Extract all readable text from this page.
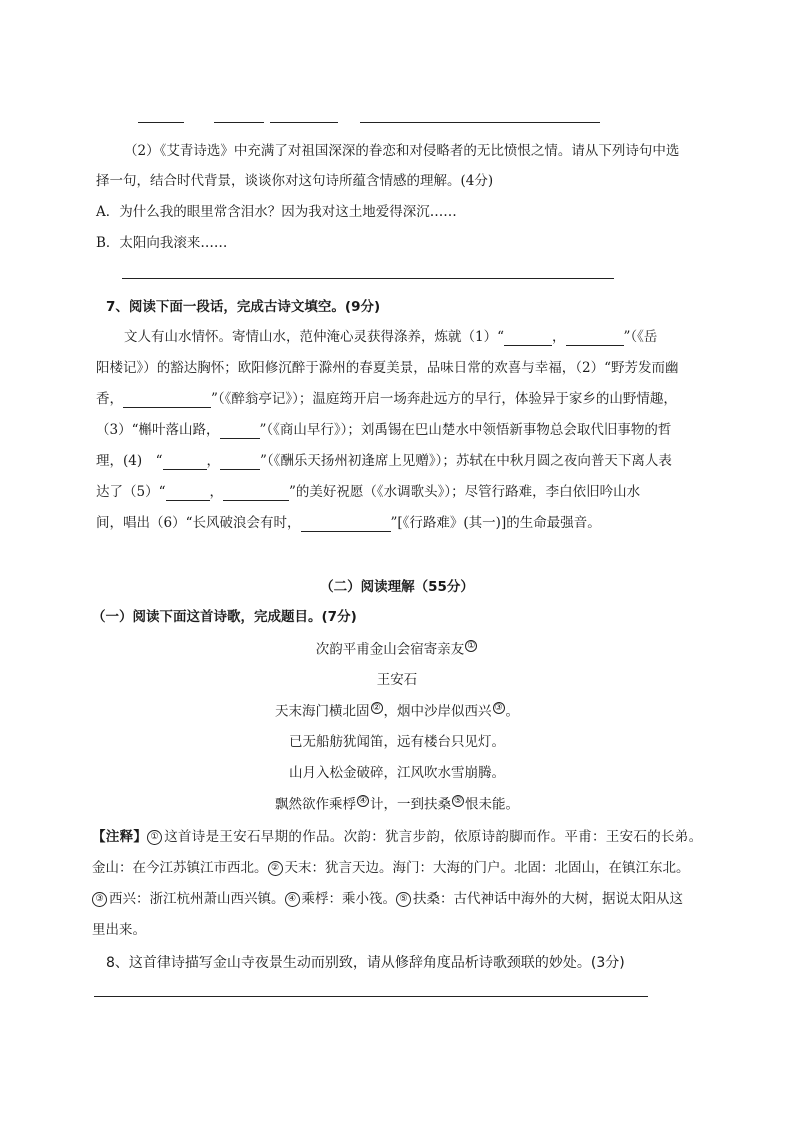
（2）《艾青诗选》中充满了对祖国深深的眷恋和对侵略者的无比愤恨之情。请从下列诗句中选
择一句，结合时代背景，谈谈你对这句诗所蕴含情感的理解。(4分)
A．为什么我的眼里常含泪水？因为我对这土地爱得深沉……
B．太阳向我滚来……
7、阅读下面一段话，完成古诗文填空。(9分)
文人有山水情怀。寄情山水，范仲淹心灵获得涤养，炼就（1）“	，	”（《岳
阳楼记》）的豁达胸怀；欧阳修沉醉于滁州的春夏美景，品味日常的欢喜与幸福，（2）“野芳发而幽
香，	”（《醉翁亭记》）；温庭筠开启一场奔赴远方的早行，体验异于家乡的山野情趣，
（3）“槲叶落山路，	”（《商山早行》）；刘禹锡在巴山楚水中领悟新事物总会取代旧事物的哲
理，(4)　“	，	”（《酬乐天扬州初逢席上见赠》）；苏轼在中秋月圆之夜向普天下离人表
达了（5）“	，	”的美好祝愿（《水调歌头》）；尽管行路难，李白依旧吟山水
间，唱出（6）“长风破浪会有时，	”[《行路难》(其一)]的生命最强音。
（二）阅读理解（55分）
（一）阅读下面这首诗歌，完成题目。(7分)
次韵平甫金山会宿寄亲友 ①
王安石
天末海门横北固 ② ，烟中沙岸似西兴 ③ 。
已无船舫犹闻笛，远有楼台只见灯。
山月入松金破碎，江风吹水雪崩腾。
飘然欲作乘桴 ④ 计，一到扶桑 ⑤ 恨未能。
【注释】 ① 这首诗是王安石早期的作品。次韵：犹言步韵，依原诗韵脚而作。平甫：王安石的长弟。
金山：在今江苏镇江市西北。 ② 天末：犹言天边。海门：大海的门户。北固：北固山，在镇江东北。
③ 西兴：浙江杭州萧山西兴镇。 ④ 乘桴：乘小筏。 ⑤ 扶桑：古代神话中海外的大树，据说太阳从这
里出来。
8、这首律诗描写金山寺夜景生动而别致，请从修辞角度品析诗歌颈联的妙处。(3分)
